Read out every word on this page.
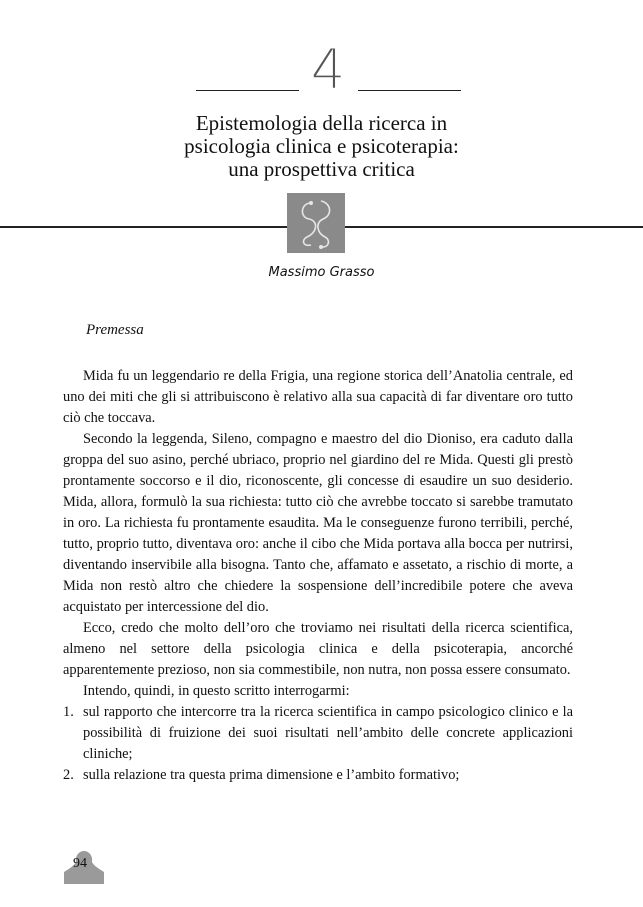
4
Epistemologia della ricerca in
psicologia clinica e psicoterapia:
una prospettiva critica
Massimo Grasso
Premessa

Mida fu un leggendario re della Frigia, una regione storica dell’Anatolia centrale, ed uno dei miti che gli si attribuiscono è relativo alla sua capacità di far diventare oro tutto ciò che toccava.

Secondo la leggenda, Sileno, compagno e maestro del dio Dioniso, era caduto dalla groppa del suo asino, perché ubriaco, proprio nel giardino del re Mida. Questi gli prestò prontamente soccorso e il dio, riconoscente, gli concesse di esaudire un suo desiderio. Mida, allora, formulò la sua richiesta: tutto ciò che avrebbe toccato si sarebbe tramutato in oro. La richiesta fu prontamente esaudita. Ma le conseguenze furono terribili, perché, tutto, proprio tutto, diventava oro: anche il cibo che Mida portava alla bocca per nutrirsi, diventando inservibile alla bisogna. Tanto che, affamato e assetato, a rischio di morte, a Mida non restò altro che chiedere la sospensione dell’incredibile potere che aveva acquistato per intercessione del dio.

Ecco, credo che molto dell’oro che troviamo nei risultati della ricerca scientifica, almeno nel settore della psicologia clinica e della psicoterapia, ancorché apparentemente prezioso, non sia commestibile, non nutra, non possa essere consumato.

Intendo, quindi, in questo scritto interrogarmi:

1. sul rapporto che intercorre tra la ricerca scientifica in campo psicologico clinico e la possibilità di fruizione dei suoi risultati nell’ambito delle concrete applicazioni cliniche;
2. sulla relazione tra questa prima dimensione e l’ambito formativo;
94
